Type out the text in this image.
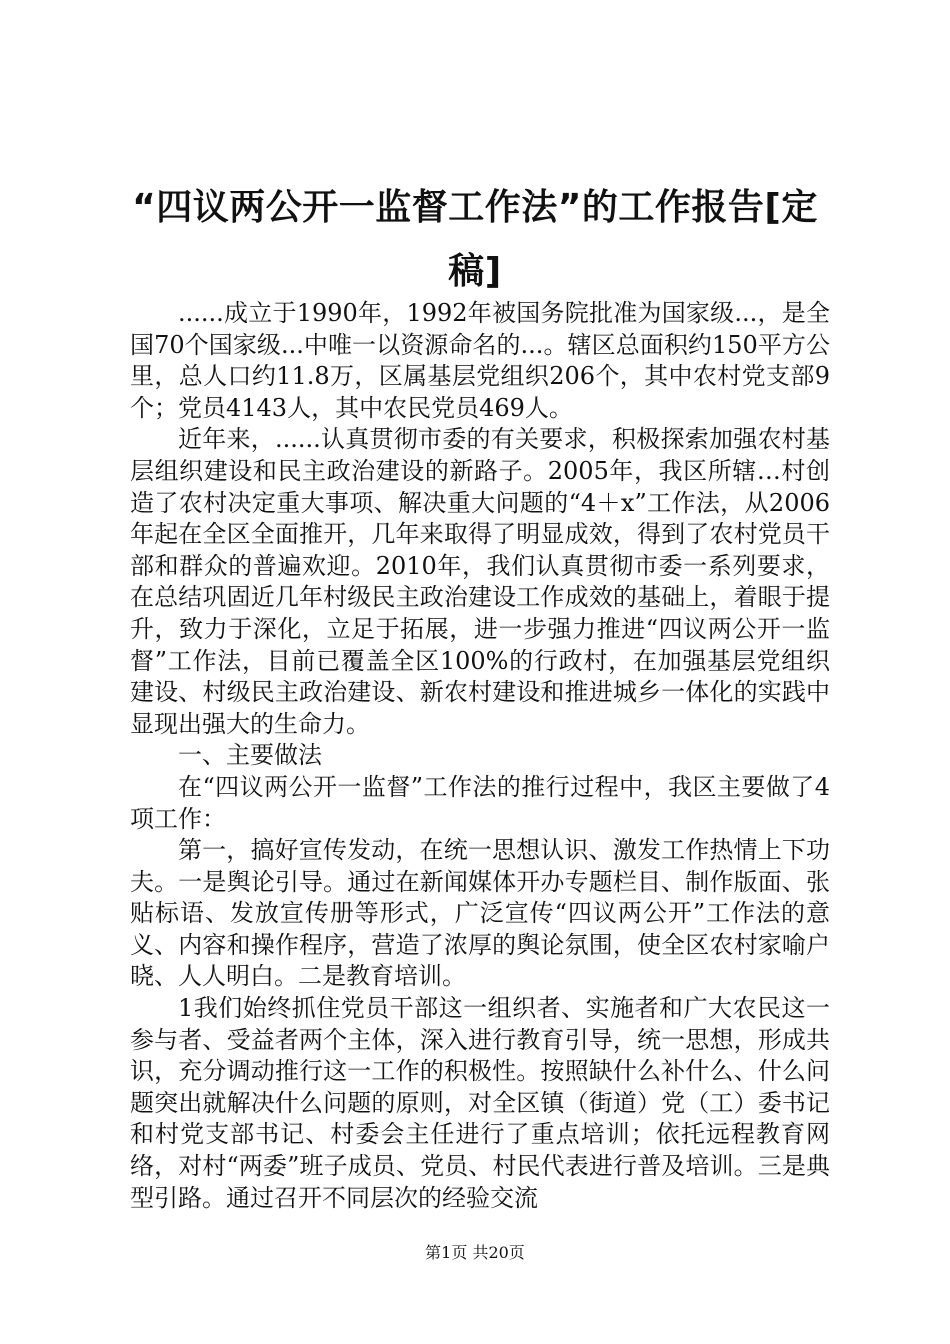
“四议两公开一监督工作法”的工作报告[定稿]

......成立于1990年，1992年被国务院批准为国家级...，是全国70个国家级...中唯一以资源命名的...。辖区总面积约150平方公里，总人口约11.8万，区属基层党组织206个，其中农村党支部9个；党员4143人，其中农民党员469人。

近年来，......认真贯彻市委的有关要求，积极探索加强农村基层组织建设和民主政治建设的新路子。2005年，我区所辖…村创造了农村决定重大事项、解决重大问题的“4＋x”工作法，从2006年起在全区全面推开，几年来取得了明显成效，得到了农村党员干部和群众的普遍欢迎。2010年，我们认真贯彻市委一系列要求，在总结巩固近几年村级民主政治建设工作成效的基础上，着眼于提升，致力于深化，立足于拓展，进一步强力推进“四议两公开一监督”工作法，目前已覆盖全区100%的行政村，在加强基层党组织建设、村级民主政治建设、新农村建设和推进城乡一体化的实践中显现出强大的生命力。

一、主要做法

在“四议两公开一监督”工作法的推行过程中，我区主要做了4项工作：

第一，搞好宣传发动，在统一思想认识、激发工作热情上下功夫。一是舆论引导。通过在新闻媒体开办专题栏目、制作版面、张贴标语、发放宣传册等形式，广泛宣传“四议两公开”工作法的意义、内容和操作程序，营造了浓厚的舆论氛围，使全区农村家喻户晓、人人明白。二是教育培训。

1我们始终抓住党员干部这一组织者、实施者和广大农民这一参与者、受益者两个主体，深入进行教育引导，统一思想，形成共识，充分调动推行这一工作的积极性。按照缺什么补什么、什么问题突出就解决什么问题的原则，对全区镇（街道）党（工）委书记和村党支部书记、村委会主任进行了重点培训；依托远程教育网络，对村“两委”班子成员、党员、村民代表进行普及培训。三是典型引路。通过召开不同层次的经验交流

第1页 共20页
